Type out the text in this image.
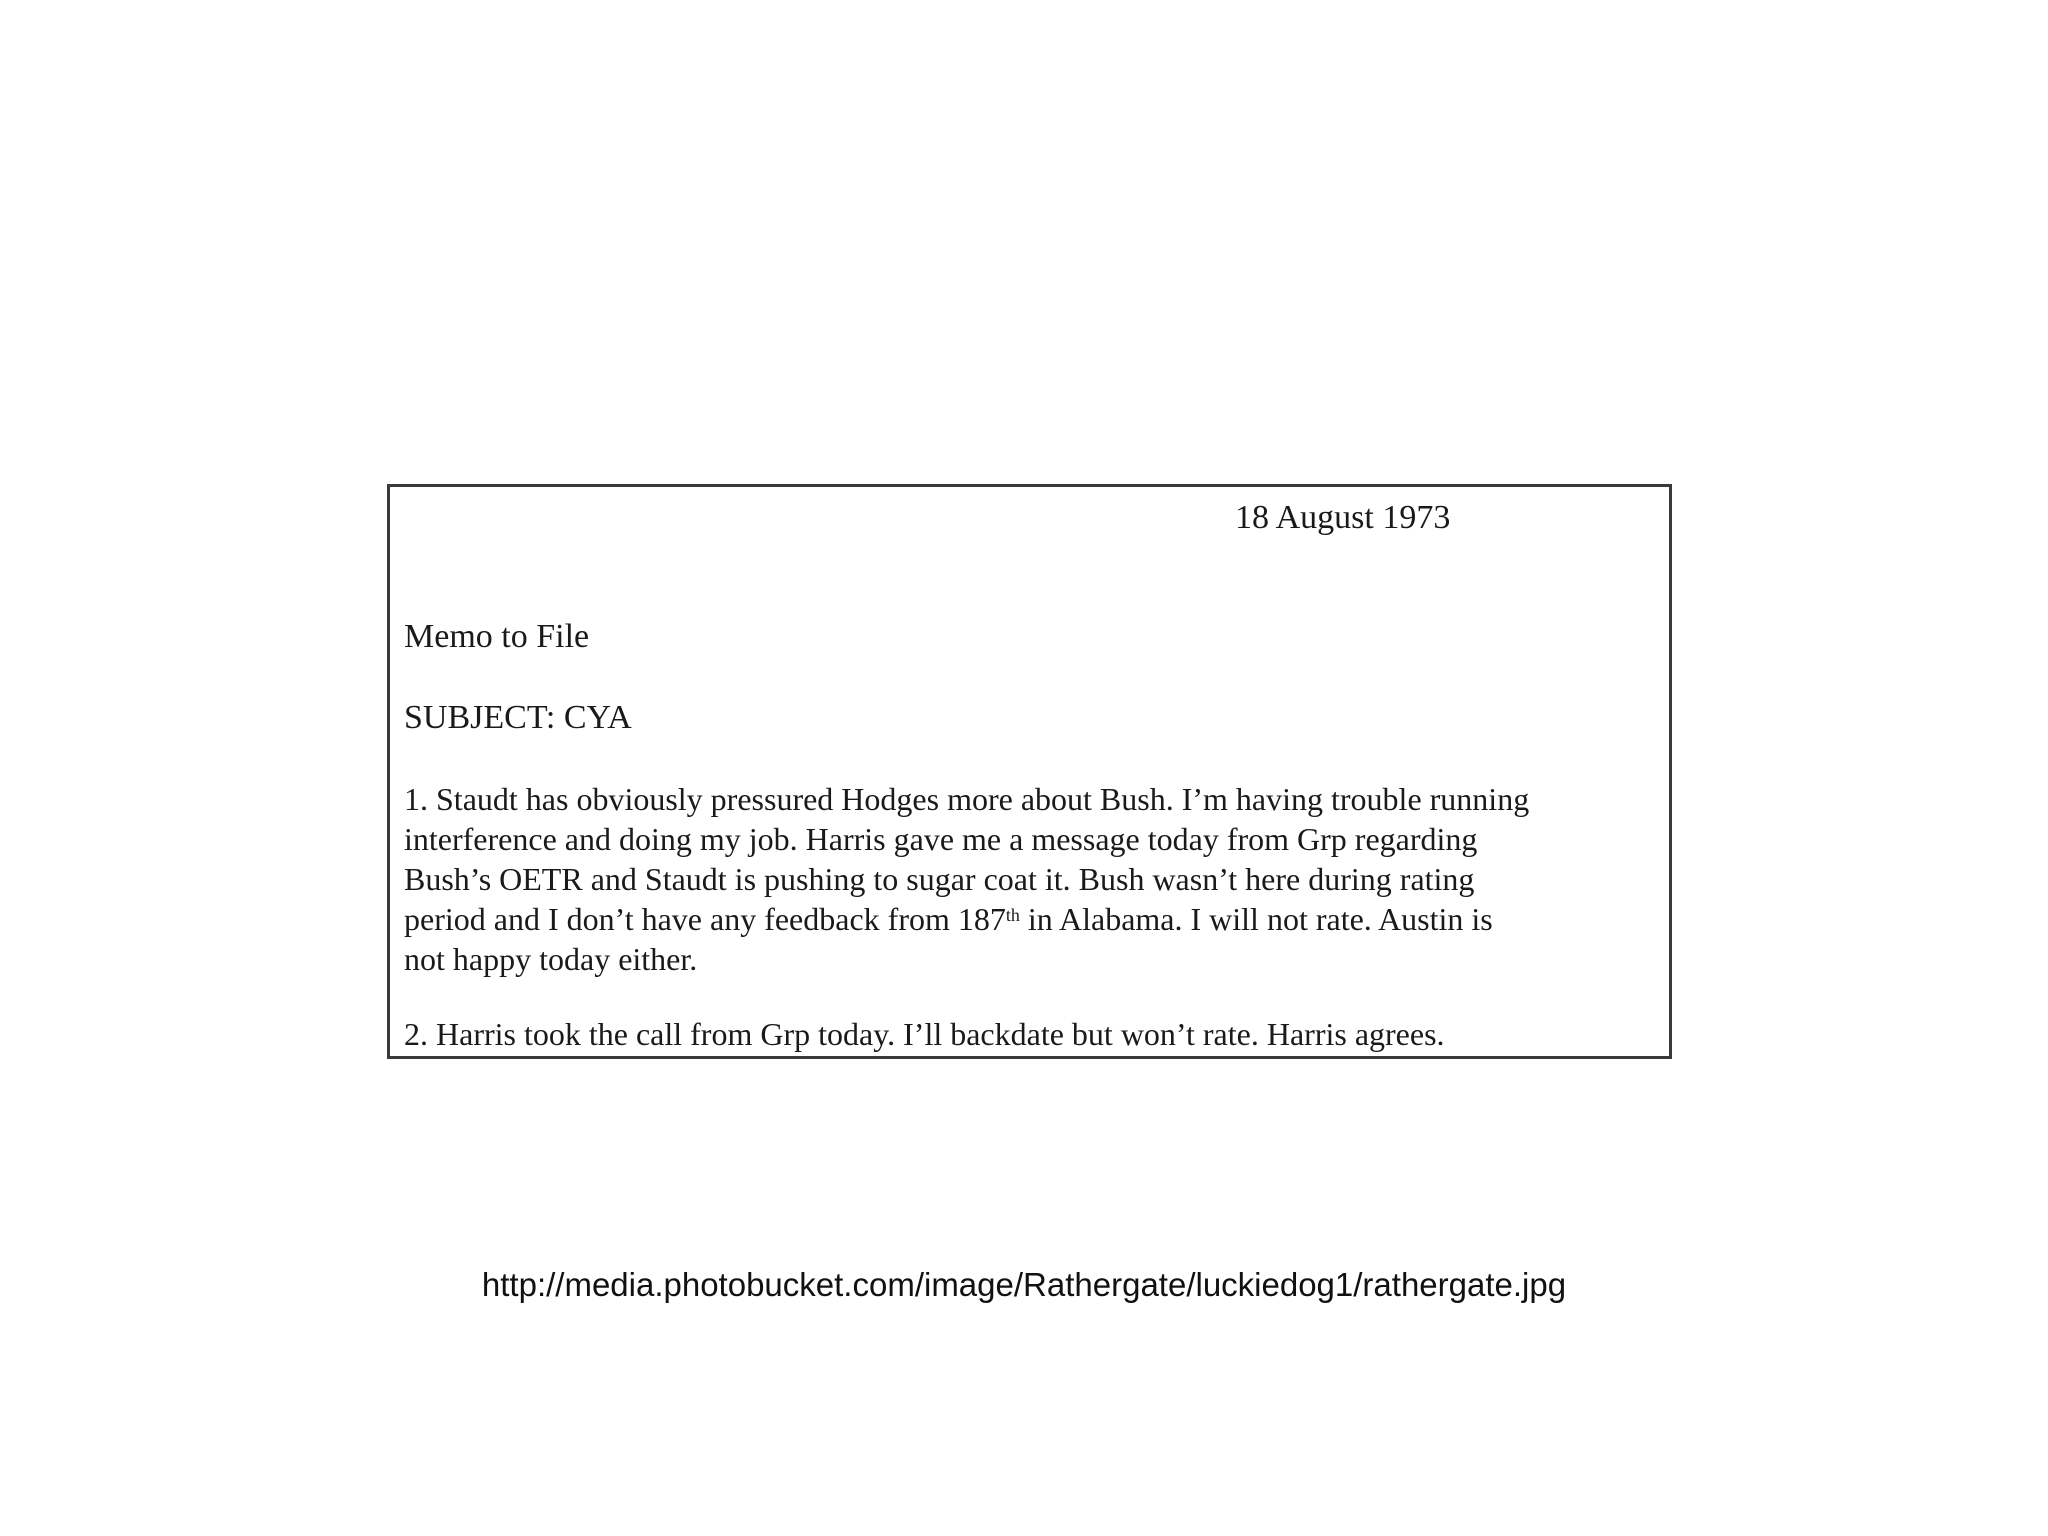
18 August 1973
Memo to File
SUBJECT: CYA
1. Staudt has obviously pressured Hodges more about Bush. I’m having trouble running
interference and doing my job. Harris gave me a message today from Grp regarding
Bush’s OETR and Staudt is pushing to sugar coat it. Bush wasn’t here during rating
period and I don’t have any feedback from 187th in Alabama. I will not rate. Austin is
not happy today either.
2. Harris took the call from Grp today. I’ll backdate but won’t rate. Harris agrees.
http://media.photobucket.com/image/Rathergate/luckiedog1/rathergate.jpg
